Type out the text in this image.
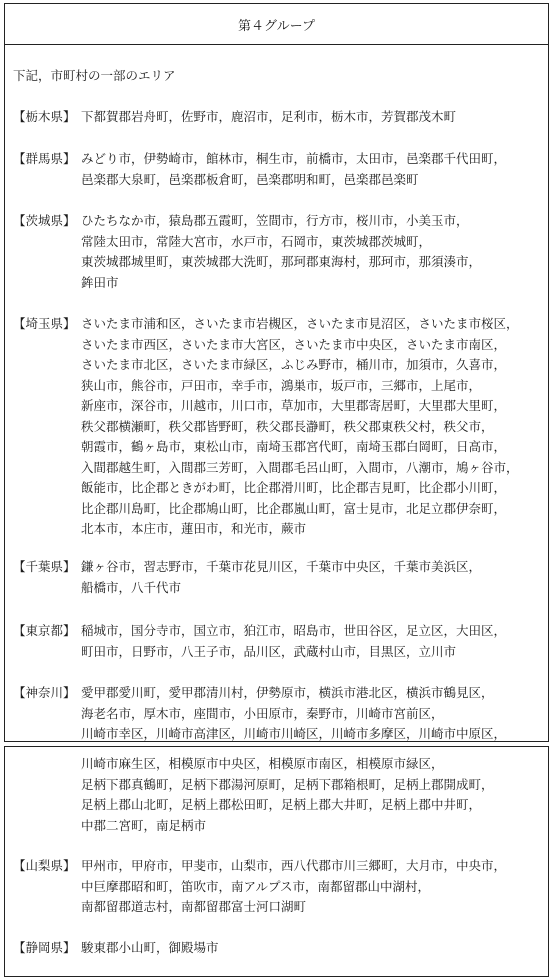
第４グループ
下記，市町村の一部のエリア
【栃木県】 下都賀郡岩舟町，佐野市，鹿沼市，足利市，栃木市，芳賀郡茂木町
【群馬県】 みどり市，伊勢崎市，館林市，桐生市，前橋市，太田市，邑楽郡千代田町，
邑楽郡大泉町，邑楽郡板倉町，邑楽郡明和町，邑楽郡邑楽町
【茨城県】 ひたちなか市，猿島郡五霞町，笠間市，行方市，桜川市，小美玉市，
常陸太田市，常陸大宮市，水戸市，石岡市，東茨城郡茨城町，
東茨城郡城里町，東茨城郡大洗町，那珂郡東海村，那珂市，那須湊市，
鉾田市
【埼玉県】 さいたま市浦和区，さいたま市岩槻区，さいたま市見沼区，さいたま市桜区，
さいたま市西区，さいたま市大宮区，さいたま市中央区，さいたま市南区，
さいたま市北区，さいたま市緑区，ふじみ野市，桶川市，加須市，久喜市，
狭山市，熊谷市，戸田市，幸手市，鴻巣市，坂戸市，三郷市，上尾市，
新座市，深谷市，川越市，川口市，草加市，大里郡寄居町，大里郡大里町，
秩父郡横瀬町，秩父郡皆野町，秩父郡長瀞町，秩父郡東秩父村，秩父市，
朝霞市，鶴ヶ島市，東松山市，南埼玉郡宮代町，南埼玉郡白岡町，日高市，
入間郡越生町，入間郡三芳町，入間郡毛呂山町，入間市，八潮市，鳩ヶ谷市，
飯能市，比企郡ときがわ町，比企郡滑川町，比企郡吉見町，比企郡小川町，
比企郡川島町，比企郡鳩山町，比企郡嵐山町，富士見市，北足立郡伊奈町，
北本市，本庄市，蓮田市，和光市，蕨市
【千葉県】 鎌ヶ谷市，習志野市，千葉市花見川区，千葉市中央区，千葉市美浜区，
船橋市，八千代市
【東京都】 稲城市，国分寺市，国立市，狛江市，昭島市，世田谷区，足立区，大田区，
町田市，日野市，八王子市，品川区，武蔵村山市，目黒区，立川市
【神奈川】 愛甲郡愛川町，愛甲郡清川村，伊勢原市，横浜市港北区，横浜市鶴見区，
海老名市，厚木市，座間市，小田原市，秦野市，川崎市宮前区，
川崎市幸区，川崎市高津区，川崎市川崎区，川崎市多摩区，川崎市中原区，
川崎市麻生区，相模原市中央区，相模原市南区，相模原市緑区，
足柄下郡真鶴町，足柄下郡湯河原町，足柄下郡箱根町，足柄上郡開成町，
足柄上郡山北町，足柄上郡松田町，足柄上郡大井町，足柄上郡中井町，
中郡二宮町，南足柄市
【山梨県】 甲州市，甲府市，甲斐市，山梨市，西八代郡市川三郷町，大月市，中央市，
中巨摩郡昭和町，笛吹市，南アルプス市，南都留郡山中湖村，
南都留郡道志村，南都留郡富士河口湖町
【静岡県】 駿東郡小山町，御殿場市
